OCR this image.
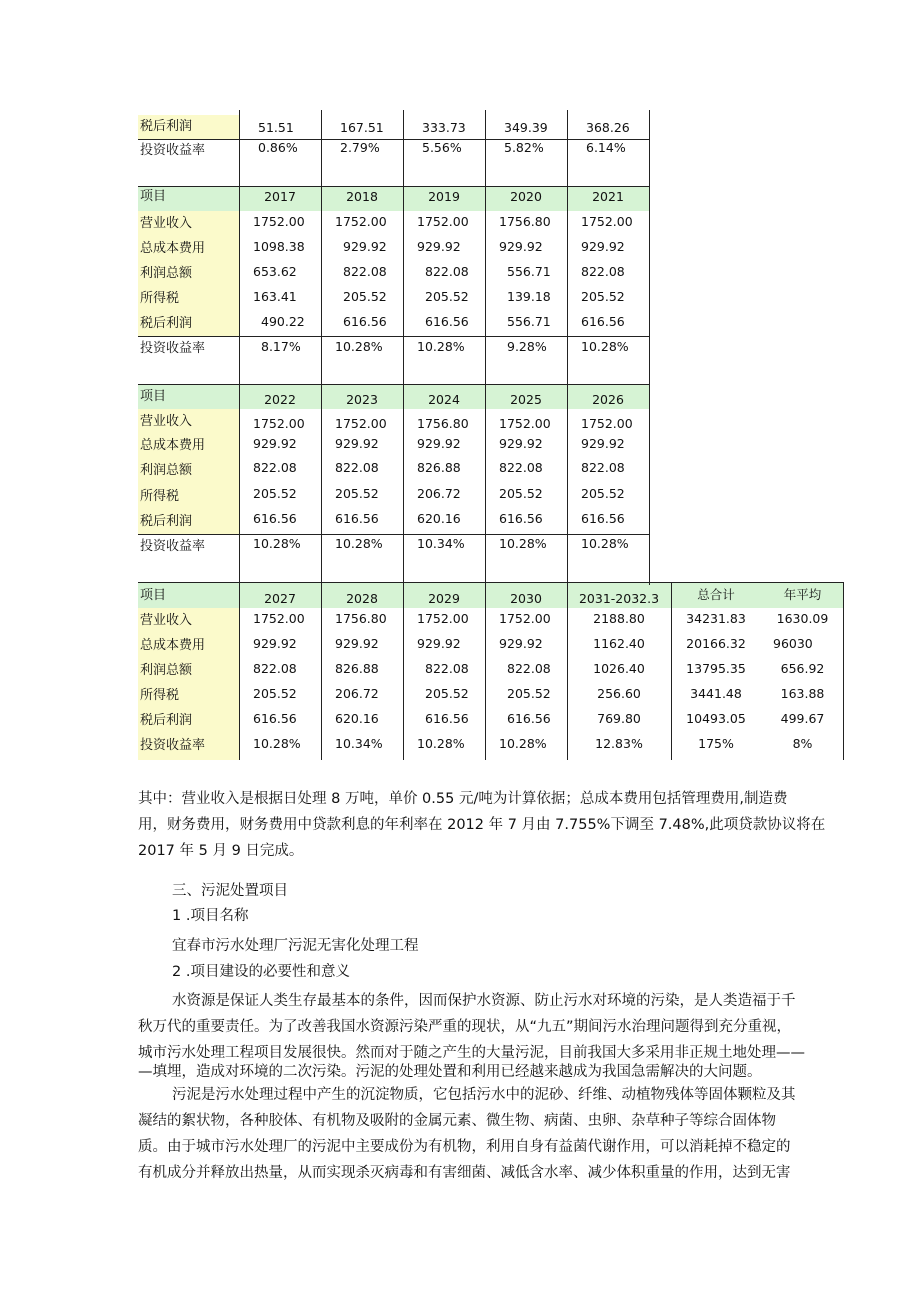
税后利润	51.51	167.51	333.73	349.39	368.26
投资收益率	0.86%	2.79%	5.56%	5.82%	6.14%
项目	2017	2018	2019	2020	2021
营业收入	1752.00	1752.00	1752.00	1756.80	1752.00
总成本费用	1098.38	929.92	929.92	929.92	929.92
利润总额	653.62	822.08	822.08	556.71	822.08
所得税	163.41	205.52	205.52	139.18	205.52
税后利润	490.22	616.56	616.56	556.71	616.56
投资收益率	8.17%	10.28%	10.28%	9.28%	10.28%
项目	2022	2023	2024	2025	2026
营业收入	1752.00	1752.00	1756.80	1752.00	1752.00
总成本费用	929.92	929.92	929.92	929.92	929.92
利润总额	822.08	822.08	826.88	822.08	822.08
所得税	205.52	205.52	206.72	205.52	205.52
税后利润	616.56	616.56	620.16	616.56	616.56
投资收益率	10.28%	10.28%	10.34%	10.28%	10.28%
项目	2027	2028	2029	2030	2031-2032.3	总合计	年平均
营业收入	1752.00	1756.80	1752.00	1752.00	2188.80	34231.83	1630.09
总成本费用	929.92	929.92	929.92	929.92	1162.40	20166.32	96030
利润总额	822.08	826.88	822.08	822.08	1026.40	13795.35	656.92
所得税	205.52	206.72	205.52	205.52	256.60	3441.48	163.88
税后利润	616.56	620.16	616.56	616.56	769.80	10493.05	499.67
投资收益率	10.28%	10.34%	10.28%	10.28%	12.83%	175%	8%
其中：营业收入是根据日处理 8 万吨，单价 0.55 元/吨为计算依据；总成本费用包括管理费用,制造费
用，财务费用，财务费用中贷款利息的年利率在 2012 年 7 月由 7.755%下调至 7.48%,此项贷款协议将在
2017 年 5 月 9 日完成。
三、污泥处置项目
1 .项目名称
宜春市污水处理厂污泥无害化处理工程
2 .项目建设的必要性和意义
水资源是保证人类生存最基本的条件，因而保护水资源、防止污水对环境的污染，是人类造福于千
秋万代的重要责任。为了改善我国水资源污染严重的现状，从“九五”期间污水治理问题得到充分重视，
城市污水处理工程项目发展很快。然而对于随之产生的大量污泥，目前我国大多采用非正规土地处理——
—填埋，造成对环境的二次污染。污泥的处理处置和利用已经越来越成为我国急需解决的大问题。
污泥是污水处理过程中产生的沉淀物质，它包括污水中的泥砂、纤维、动植物残体等固体颗粒及其
凝结的絮状物，各种胶体、有机物及吸附的金属元素、微生物、病菌、虫卵、杂草种子等综合固体物
质。由于城市污水处理厂的污泥中主要成份为有机物，利用自身有益菌代谢作用，可以消耗掉不稳定的
有机成分并释放出热量，从而实现杀灭病毒和有害细菌、减低含水率、减少体积重量的作用，达到无害
